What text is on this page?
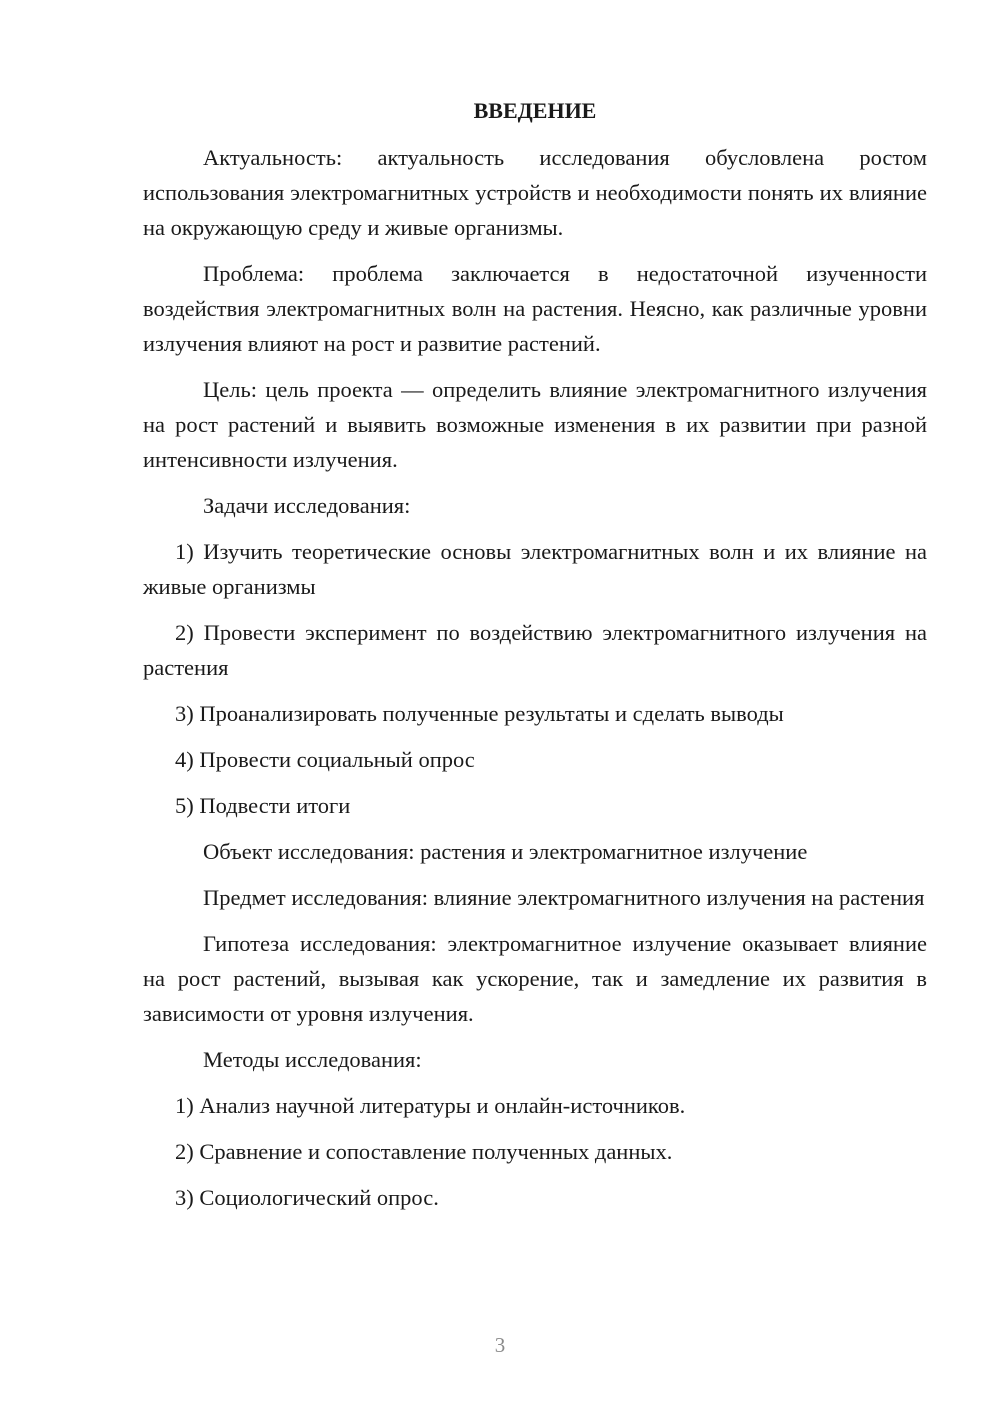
ВВЕДЕНИЕ

Актуальность: актуальность исследования обусловлена ростом использования электромагнитных устройств и необходимости понять их влияние на окружающую среду и живые организмы.

Проблема: проблема заключается в недостаточной изученности воздействия электромагнитных волн на растения. Неясно, как различные уровни излучения влияют на рост и развитие растений.

Цель: цель проекта — определить влияние электромагнитного излучения на рост растений и выявить возможные изменения в их развитии при разной интенсивности излучения.

Задачи исследования:

1) Изучить теоретические основы электромагнитных волн и их влияние на живые организмы

2) Провести эксперимент по воздействию электромагнитного излучения на растения

3) Проанализировать полученные результаты и сделать выводы

4) Провести социальный опрос

5) Подвести итоги

Объект исследования: растения и электромагнитное излучение

Предмет исследования: влияние электромагнитного излучения на растения

Гипотеза исследования: электромагнитное излучение оказывает влияние на рост растений, вызывая как ускорение, так и замедление их развития в зависимости от уровня излучения.

Методы исследования:

1) Анализ научной литературы и онлайн-источников.

2) Сравнение и сопоставление полученных данных.

3) Социологический опрос.

3
